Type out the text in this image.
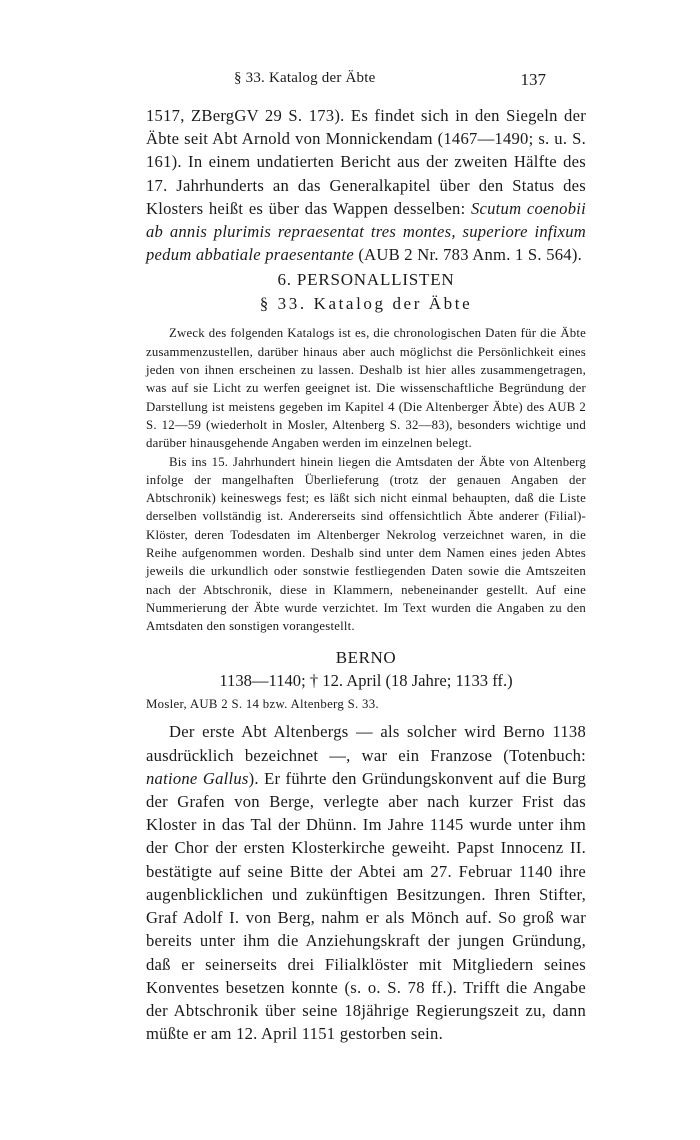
§ 33. Katalog der Äbte	137

1517, ZBergGV 29 S. 173). Es findet sich in den Siegeln der Äbte seit Abt Arnold von Monnickendam (1467—1490; s. u. S. 161). In einem undatierten Bericht aus der zweiten Hälfte des 17. Jahrhunderts an das Generalkapitel über den Status des Klosters heißt es über das Wappen desselben: Scutum coenobii ab annis plurimis repraesentat tres montes, superiore infixum pedum abbatiale praesentante (AUB 2 Nr. 783 Anm. 1 S. 564).

6. PERSONALLISTEN
§ 33. Katalog der Äbte

Zweck des folgenden Katalogs ist es, die chronologischen Daten für die Äbte zusammenzustellen, darüber hinaus aber auch möglichst die Persönlichkeit eines jeden von ihnen erscheinen zu lassen. Deshalb ist hier alles zusammengetragen, was auf sie Licht zu werfen geeignet ist. Die wissenschaftliche Begründung der Darstellung ist meistens gegeben im Kapitel 4 (Die Altenberger Äbte) des AUB 2 S. 12—59 (wiederholt in Mosler, Altenberg S. 32—83), besonders wichtige und darüber hinausgehende Angaben werden im einzelnen belegt.

Bis ins 15. Jahrhundert hinein liegen die Amtsdaten der Äbte von Altenberg infolge der mangelhaften Überlieferung (trotz der genauen Angaben der Abtschronik) keineswegs fest; es läßt sich nicht einmal behaupten, daß die Liste derselben vollständig ist. Andererseits sind offensichtlich Äbte anderer (Filial)-Klöster, deren Todesdaten im Altenberger Nekrolog verzeichnet waren, in die Reihe aufgenommen worden. Deshalb sind unter dem Namen eines jeden Abtes jeweils die urkundlich oder sonstwie festliegenden Daten sowie die Amtszeiten nach der Abtschronik, diese in Klammern, nebeneinander gestellt. Auf eine Nummerierung der Äbte wurde verzichtet. Im Text wurden die Angaben zu den Amtsdaten den sonstigen vorangestellt.

BERNO
1138—1140; † 12. April (18 Jahre; 1133 ff.)
Mosler, AUB 2 S. 14 bzw. Altenberg S. 33.

Der erste Abt Altenbergs — als solcher wird Berno 1138 ausdrücklich bezeichnet —, war ein Franzose (Totenbuch: natione Gallus). Er führte den Gründungskonvent auf die Burg der Grafen von Berge, verlegte aber nach kurzer Frist das Kloster in das Tal der Dhünn. Im Jahre 1145 wurde unter ihm der Chor der ersten Klosterkirche geweiht. Papst Innocenz II. bestätigte auf seine Bitte der Abtei am 27. Februar 1140 ihre augenblicklichen und zukünftigen Besitzungen. Ihren Stifter, Graf Adolf I. von Berg, nahm er als Mönch auf. So groß war bereits unter ihm die Anziehungskraft der jungen Gründung, daß er seinerseits drei Filialklöster mit Mitgliedern seines Konventes besetzen konnte (s. o. S. 78 ff.). Trifft die Angabe der Abtschronik über seine 18jährige Regierungszeit zu, dann müßte er am 12. April 1151 gestorben sein.
